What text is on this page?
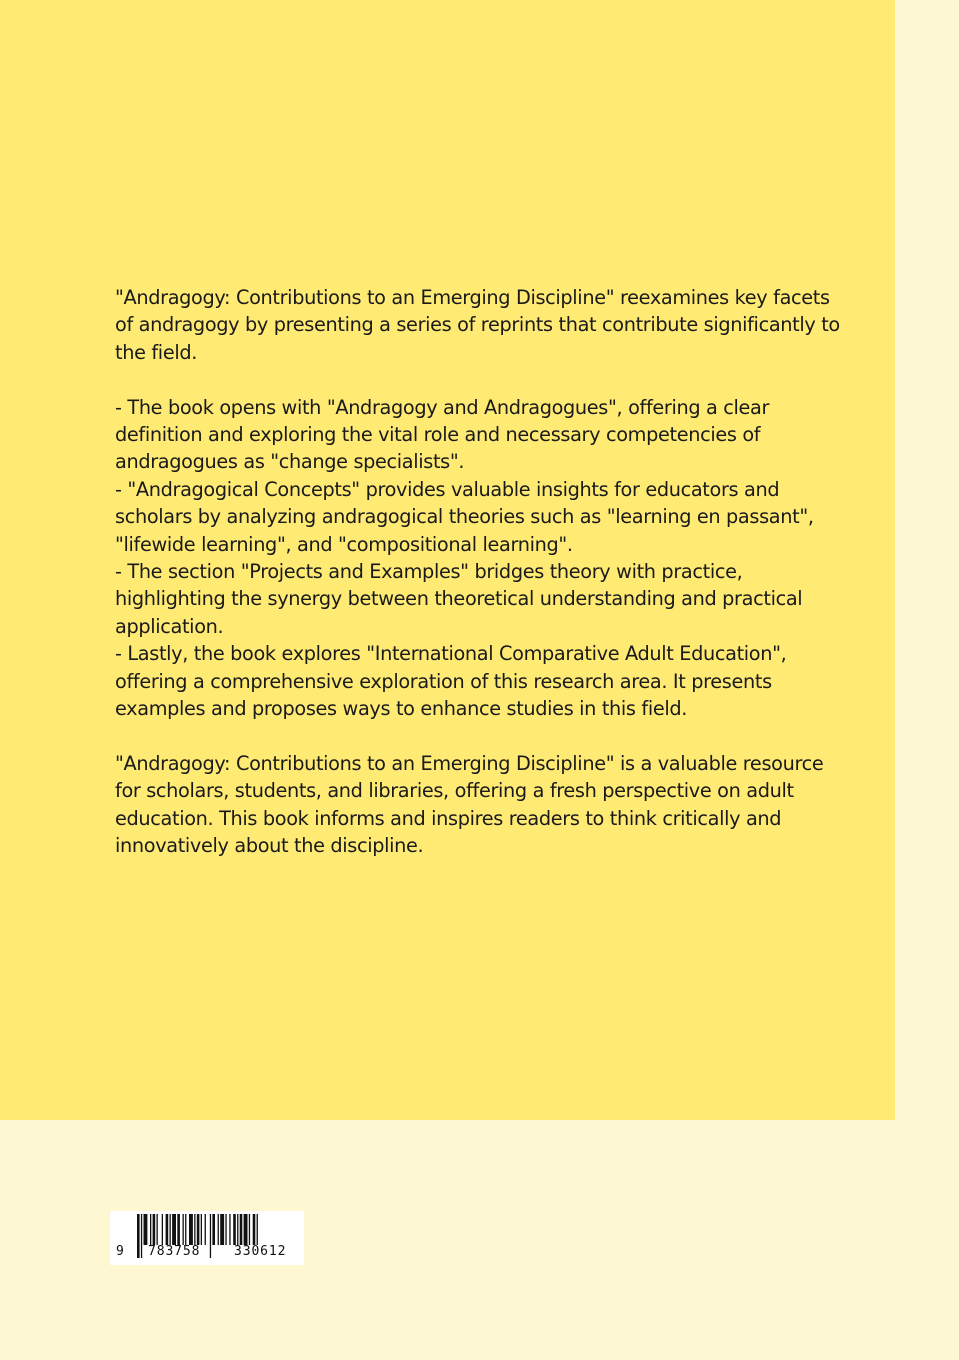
"Andragogy: Contributions to an Emerging Discipline" reexamines key facets of andragogy by presenting a series of reprints that contribute significantly to the field.

- The book opens with "Andragogy and Andragogues", offering a clear definition and exploring the vital role and necessary competencies of andragogues as "change specialists".

- "Andragogical Concepts" provides valuable insights for educators and scholars by analyzing andragogical theories such as "learning en passant", "lifewide learning", and "compositional learning".

- The section "Projects and Examples" bridges theory with practice, highlighting the synergy between theoretical understanding and practical application.

- Lastly, the book explores "International Comparative Adult Education", offering a comprehensive exploration of this research area. It presents examples and proposes ways to enhance studies in this field.

"Andragogy: Contributions to an Emerging Discipline" is a valuable resource for scholars, students, and libraries, offering a fresh perspective on adult education. This book informs and inspires readers to think critically and innovatively about the discipline.

9 783758	330612
